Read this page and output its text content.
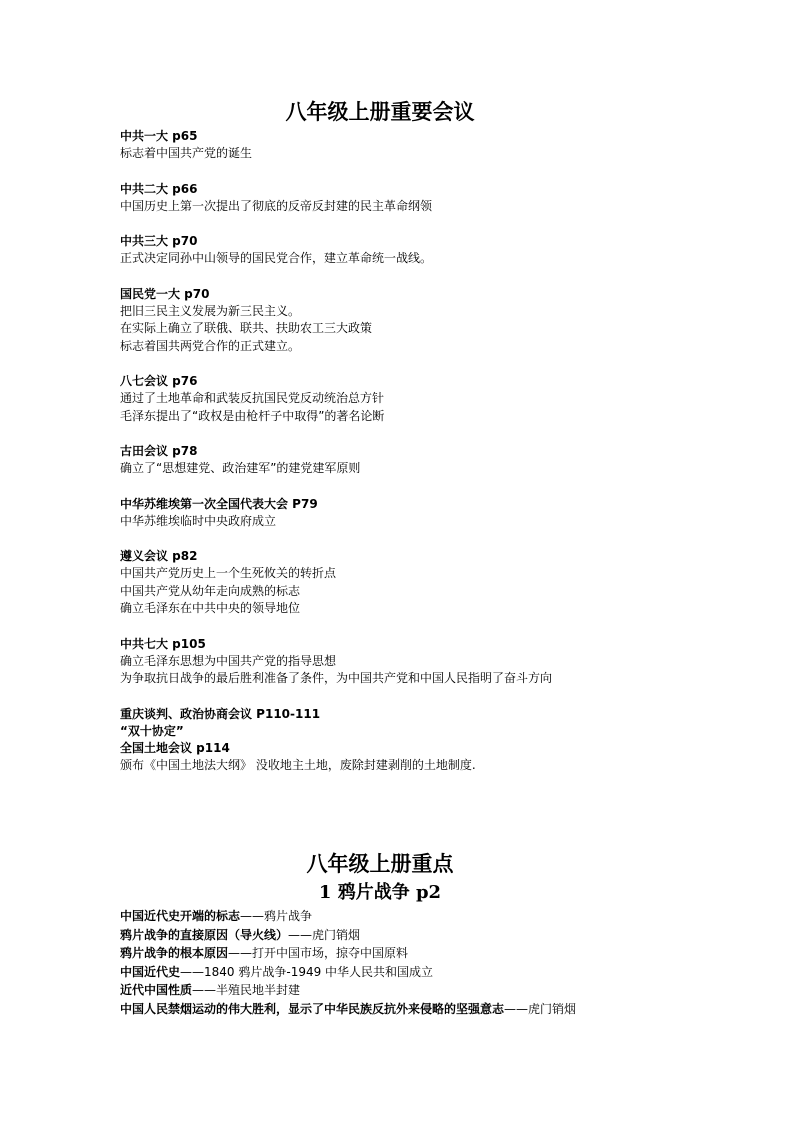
八年级上册重要会议
中共一大 p65
标志着中国共产党的诞生
中共二大 p66
中国历史上第一次提出了彻底的反帝反封建的民主革命纲领
中共三大 p70
正式决定同孙中山领导的国民党合作，建立革命统一战线。
国民党一大 p70
把旧三民主义发展为新三民主义。
在实际上确立了联俄、联共、扶助农工三大政策
标志着国共两党合作的正式建立。
八七会议 p76
通过了土地革命和武装反抗国民党反动统治总方针
毛泽东提出了“政权是由枪杆子中取得”的著名论断
古田会议 p78
确立了“思想建党、政治建军”的建党建军原则
中华苏维埃第一次全国代表大会 P79
中华苏维埃临时中央政府成立
遵义会议 p82
中国共产党历史上一个生死攸关的转折点
中国共产党从幼年走向成熟的标志
确立毛泽东在中共中央的领导地位
中共七大 p105
确立毛泽东思想为中国共产党的指导思想
为争取抗日战争的最后胜利准备了条件，为中国共产党和中国人民指明了奋斗方向
重庆谈判、政治协商会议 P110-111
“双十协定”
全国土地会议 p114
颁布《中国土地法大纲》 没收地主土地，废除封建剥削的土地制度.
八年级上册重点
1 鸦片战争 p2
中国近代史开端的标志——鸦片战争
鸦片战争的直接原因（导火线）——虎门销烟
鸦片战争的根本原因——打开中国市场，掠夺中国原料
中国近代史——1840 鸦片战争-1949 中华人民共和国成立
近代中国性质——半殖民地半封建
中国人民禁烟运动的伟大胜利，显示了中华民族反抗外来侵略的坚强意志——虎门销烟
